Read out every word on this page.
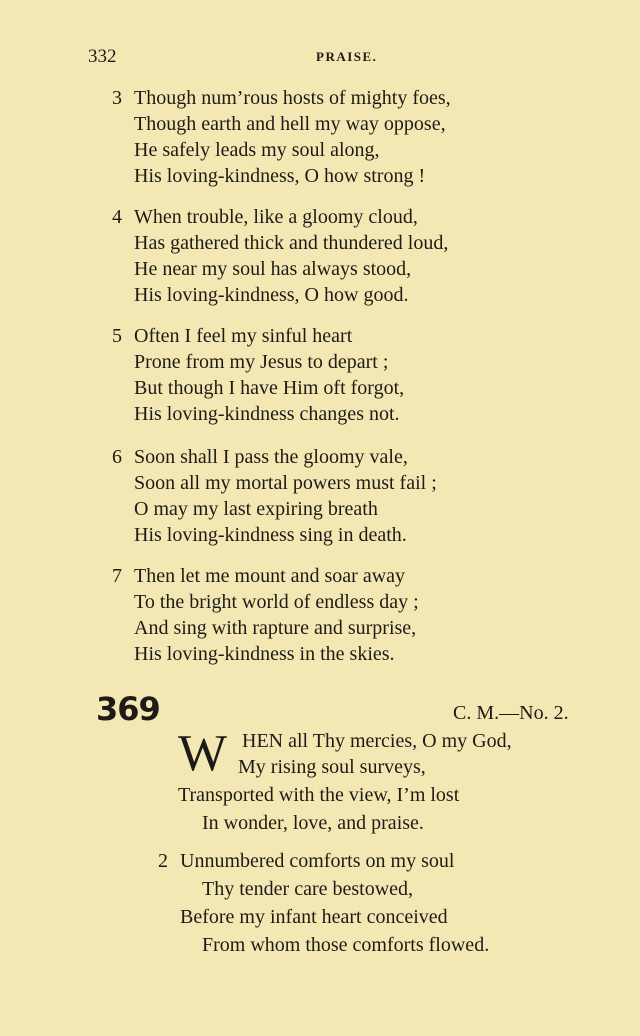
332	PRAISE.
3 Though num’rous hosts of mighty foes,
Though earth and hell my way oppose,
He safely leads my soul along,
His loving-kindness, O how strong !
4 When trouble, like a gloomy cloud,
Has gathered thick and thundered loud,
He near my soul has always stood,
His loving-kindness, O how good.
5 Often I feel my sinful heart
Prone from my Jesus to depart ;
But though I have Him oft forgot,
His loving-kindness changes not.
6 Soon shall I pass the gloomy vale,
Soon all my mortal powers must fail ;
O may my last expiring breath
His loving-kindness sing in death.
7 Then let me mount and soar away
To the bright world of endless day ;
And sing with rapture and surprise,
His loving-kindness in the skies.
369	C. M.—No. 2.
W HEN all Thy mercies, O my God,
My rising soul surveys,
Transported with the view, I’m lost
In wonder, love, and praise.
2 Unnumbered comforts on my soul
Thy tender care bestowed,
Before my infant heart conceived
From whom those comforts flowed.
